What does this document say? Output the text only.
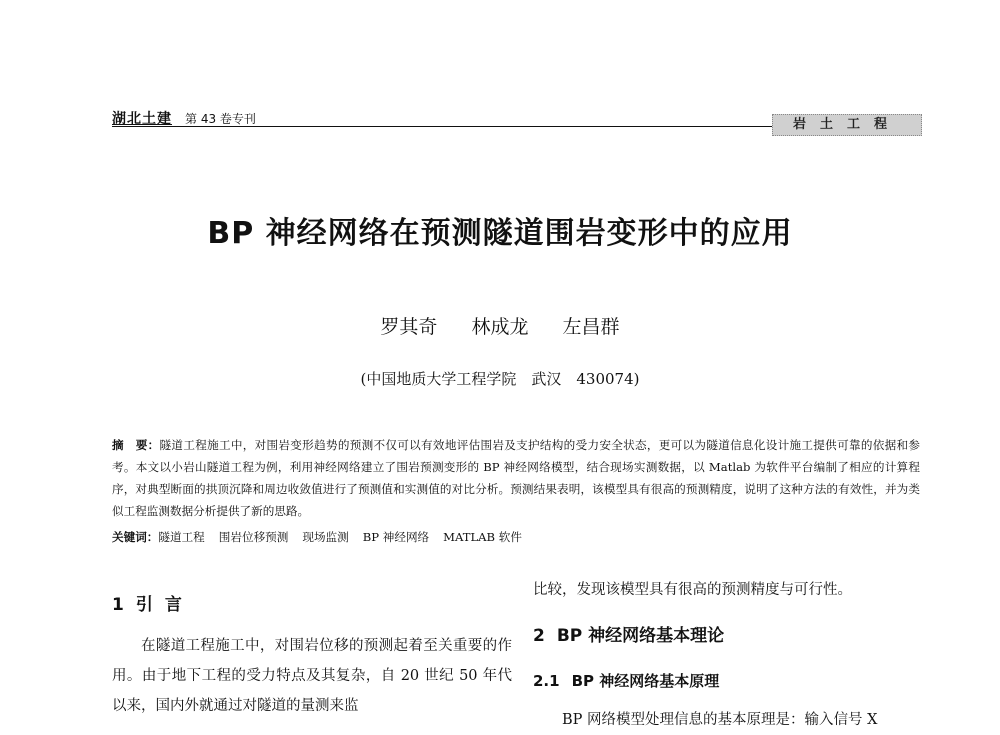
湖北土建 第 43 卷专刊	岩土工程
BP 神经网络在预测隧道围岩变形中的应用
罗其奇 林成龙 左昌群
(中国地质大学工程学院　武汉　430074)
摘　要：隧道工程施工中，对围岩变形趋势的预测不仅可以有效地评估围岩及支护结构的受力安全状态，更可以为隧道信息化设计施工提供可靠的依据和参考。本文以小岩山隧道工程为例，利用神经网络建立了围岩预测变形的 BP 神经网络模型，结合现场实测数据，以 Matlab 为软件平台编制了相应的计算程序，对典型断面的拱顶沉降和周边收敛值进行了预测值和实测值的对比分析。预测结果表明，该模型具有很高的预测精度，说明了这种方法的有效性，并为类似工程监测数据分析提供了新的思路。
关键词：隧道工程 围岩位移预测 现场监测 BP 神经网络 MATLAB 软件
1 引言
在隧道工程施工中，对围岩位移的预测起着至关重要的作用。由于地下工程的受力特点及其复杂，自 20 世纪 50 年代以来，国内外就通过对隧道的量测来监
比较，发现该模型具有很高的预测精度与可行性。
2 BP 神经网络基本理论
2.1 BP 神经网络基本原理
BP 网络模型处理信息的基本原理是：输入信号 X
